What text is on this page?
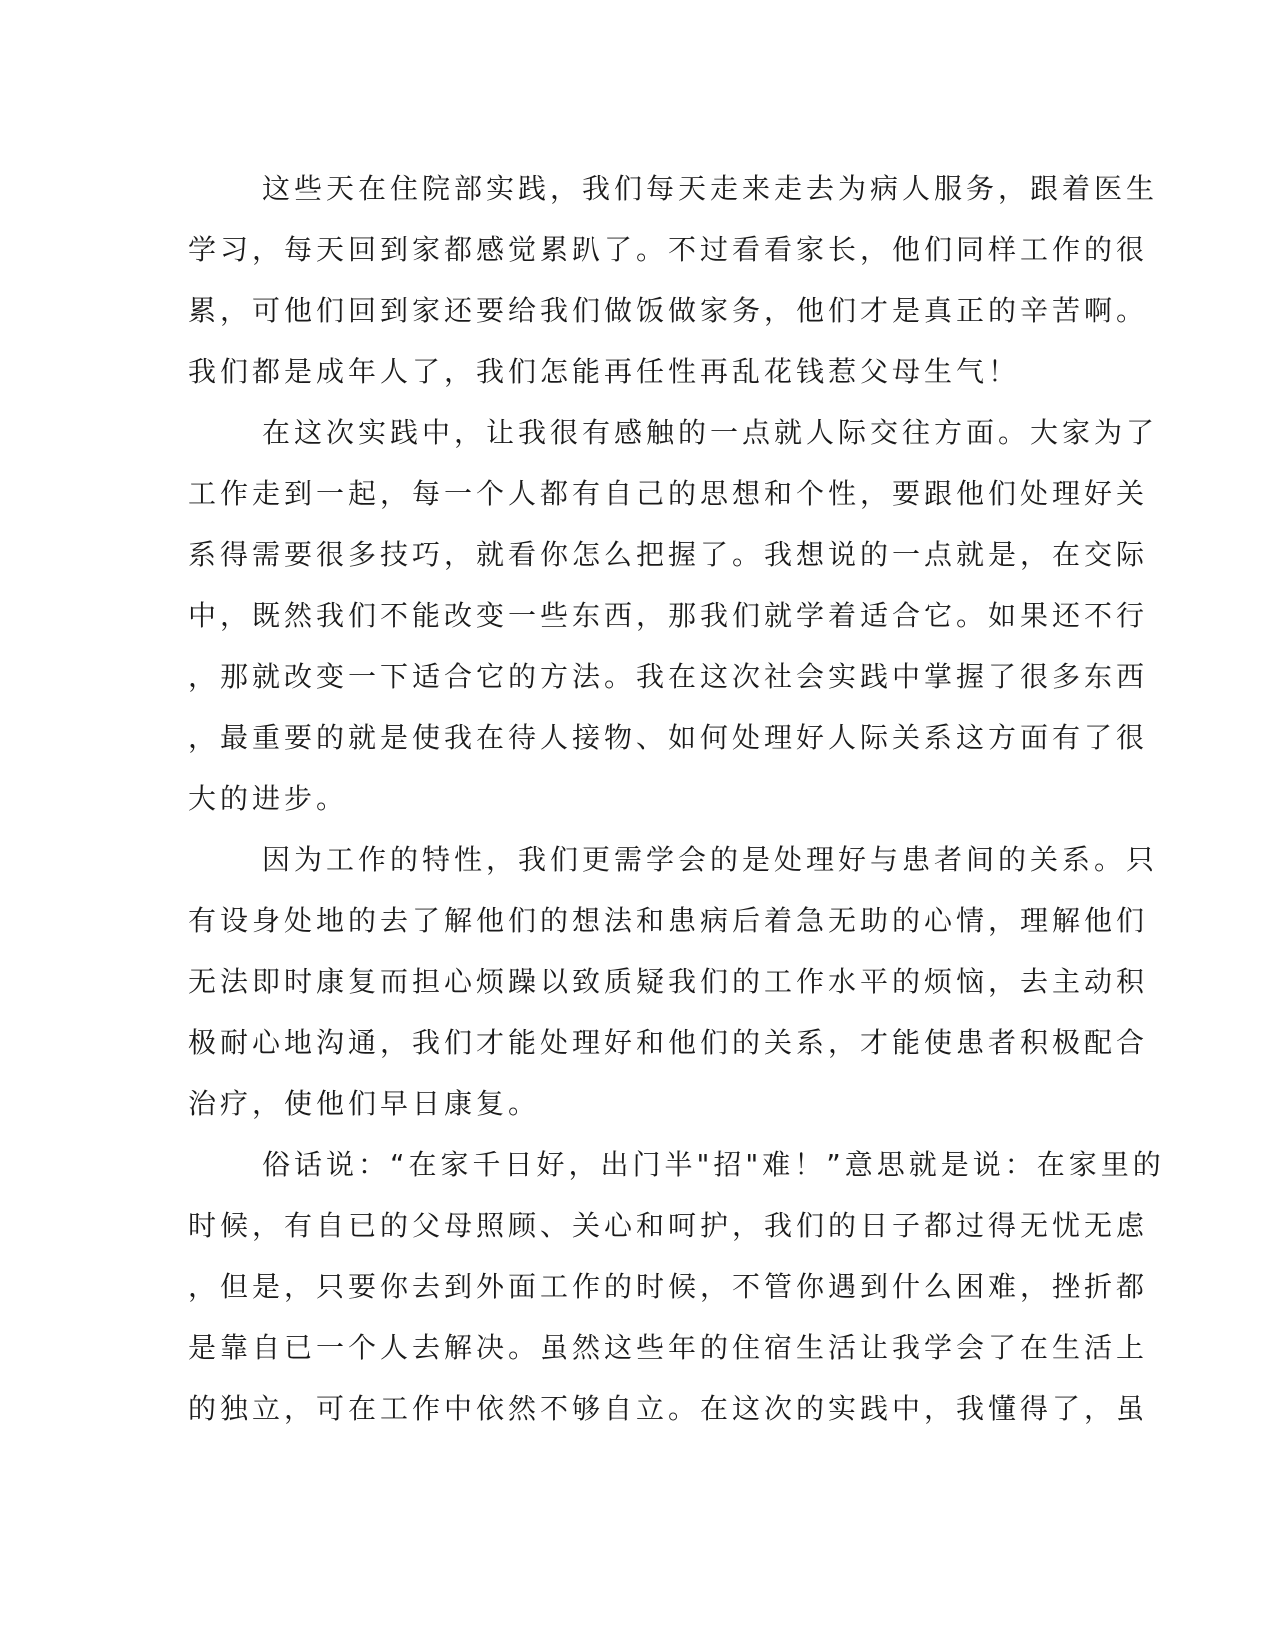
这些天在住院部实践，我们每天走来走去为病人服务，跟着医生
学习，每天回到家都感觉累趴了。不过看看家长，他们同样工作的很
累，可他们回到家还要给我们做饭做家务，他们才是真正的辛苦啊。
我们都是成年人了，我们怎能再任性再乱花钱惹父母生气！
在这次实践中，让我很有感触的一点就人际交往方面。大家为了
工作走到一起，每一个人都有自己的思想和个性，要跟他们处理好关
系得需要很多技巧，就看你怎么把握了。我想说的一点就是，在交际
中，既然我们不能改变一些东西，那我们就学着适合它。如果还不行
，那就改变一下适合它的方法。我在这次社会实践中掌握了很多东西
，最重要的就是使我在待人接物、如何处理好人际关系这方面有了很
大的进步。
因为工作的特性，我们更需学会的是处理好与患者间的关系。只
有设身处地的去了解他们的想法和患病后着急无助的心情，理解他们
无法即时康复而担心烦躁以致质疑我们的工作水平的烦恼，去主动积
极耐心地沟通，我们才能处理好和他们的关系，才能使患者积极配合
治疗，使他们早日康复。
俗话说：“在家千日好，出门半"招"难！”意思就是说：在家里的
时候，有自已的父母照顾、关心和呵护，我们的日子都过得无忧无虑
，但是，只要你去到外面工作的时候，不管你遇到什么困难，挫折都
是靠自已一个人去解决。虽然这些年的住宿生活让我学会了在生活上
的独立，可在工作中依然不够自立。在这次的实践中，我懂得了，虽
